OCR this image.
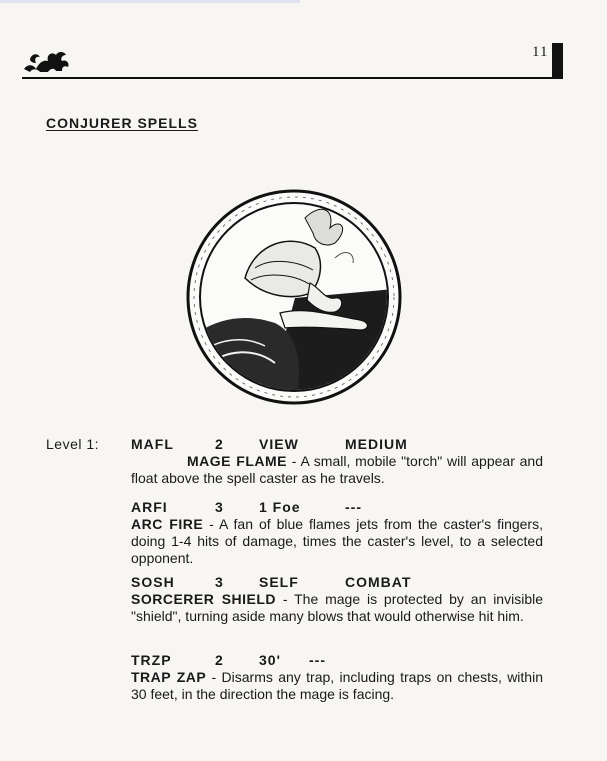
11
CONJURER SPELLS
Level 1: MAFL	2	VIEW	MEDIUM

MAGE FLAME - A small, mobile "torch" will appear and float above the spell caster as he travels.

ARFI	3	1 Foe	---

ARC FIRE - A fan of blue flames jets from the caster's fingers, doing 1-4 hits of damage, times the caster's level, to a selected opponent.

SOSH	3	SELF	COMBAT

SORCERER SHIELD - The mage is protected by an invisible "shield", turning aside many blows that would otherwise hit him.

TRZP	2	30' ---

TRAP ZAP - Disarms any trap, including traps on chests, within 30 feet, in the direction the mage is facing.
